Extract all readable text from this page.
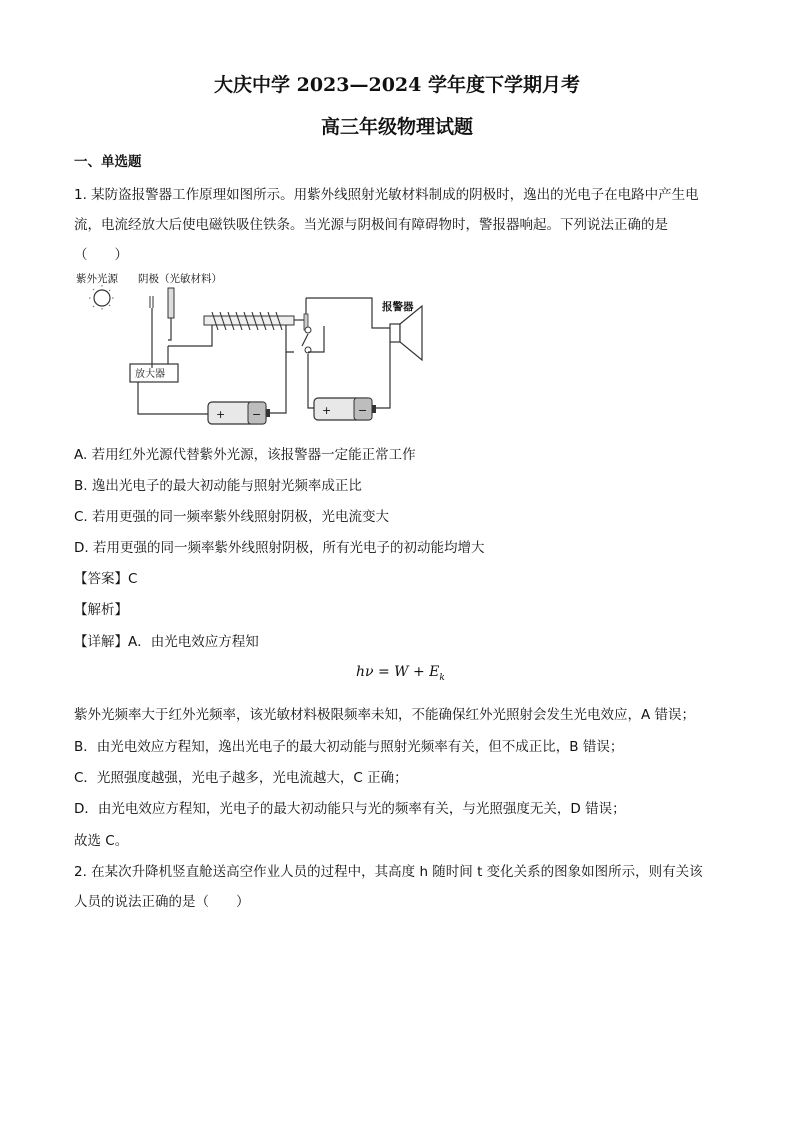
大庆中学 2023—2024 学年度下学期月考
高三年级物理试题
一、单选题
1. 某防盗报警器工作原理如图所示。用紫外线照射光敏材料制成的阴极时，逸出的光电子在电路中产生电
流，电流经放大后使电磁铁吸住铁条。当光源与阴极间有障碍物时，警报器响起。下列说法正确的是
（　　）
紫外光源 阴极（光敏材料）
报警器
放大器
+ −	+ −
A. 若用红外光源代替紫外光源，该报警器一定能正常工作
B. 逸出光电子的最大初动能与照射光频率成正比
C. 若用更强的同一频率紫外线照射阴极，光电流变大
D. 若用更强的同一频率紫外线照射阴极，所有光电子的初动能均增大
【答案】C
【解析】
【详解】A．由光电效应方程知
$h\nu = W + E_k$
紫外光频率大于红外光频率，该光敏材料极限频率未知，不能确保红外光照射会发生光电效应，A 错误；
B．由光电效应方程知，逸出光电子的最大初动能与照射光频率有关，但不成正比，B 错误；
C．光照强度越强，光电子越多，光电流越大，C 正确；
D．由光电效应方程知，光电子的最大初动能只与光的频率有关，与光照强度无关，D 错误；
故选 C。
2. 在某次升降机竖直舱送高空作业人员的过程中，其高度 h 随时间 t 变化关系的图象如图所示，则有关该
人员的说法正确的是（　　）
